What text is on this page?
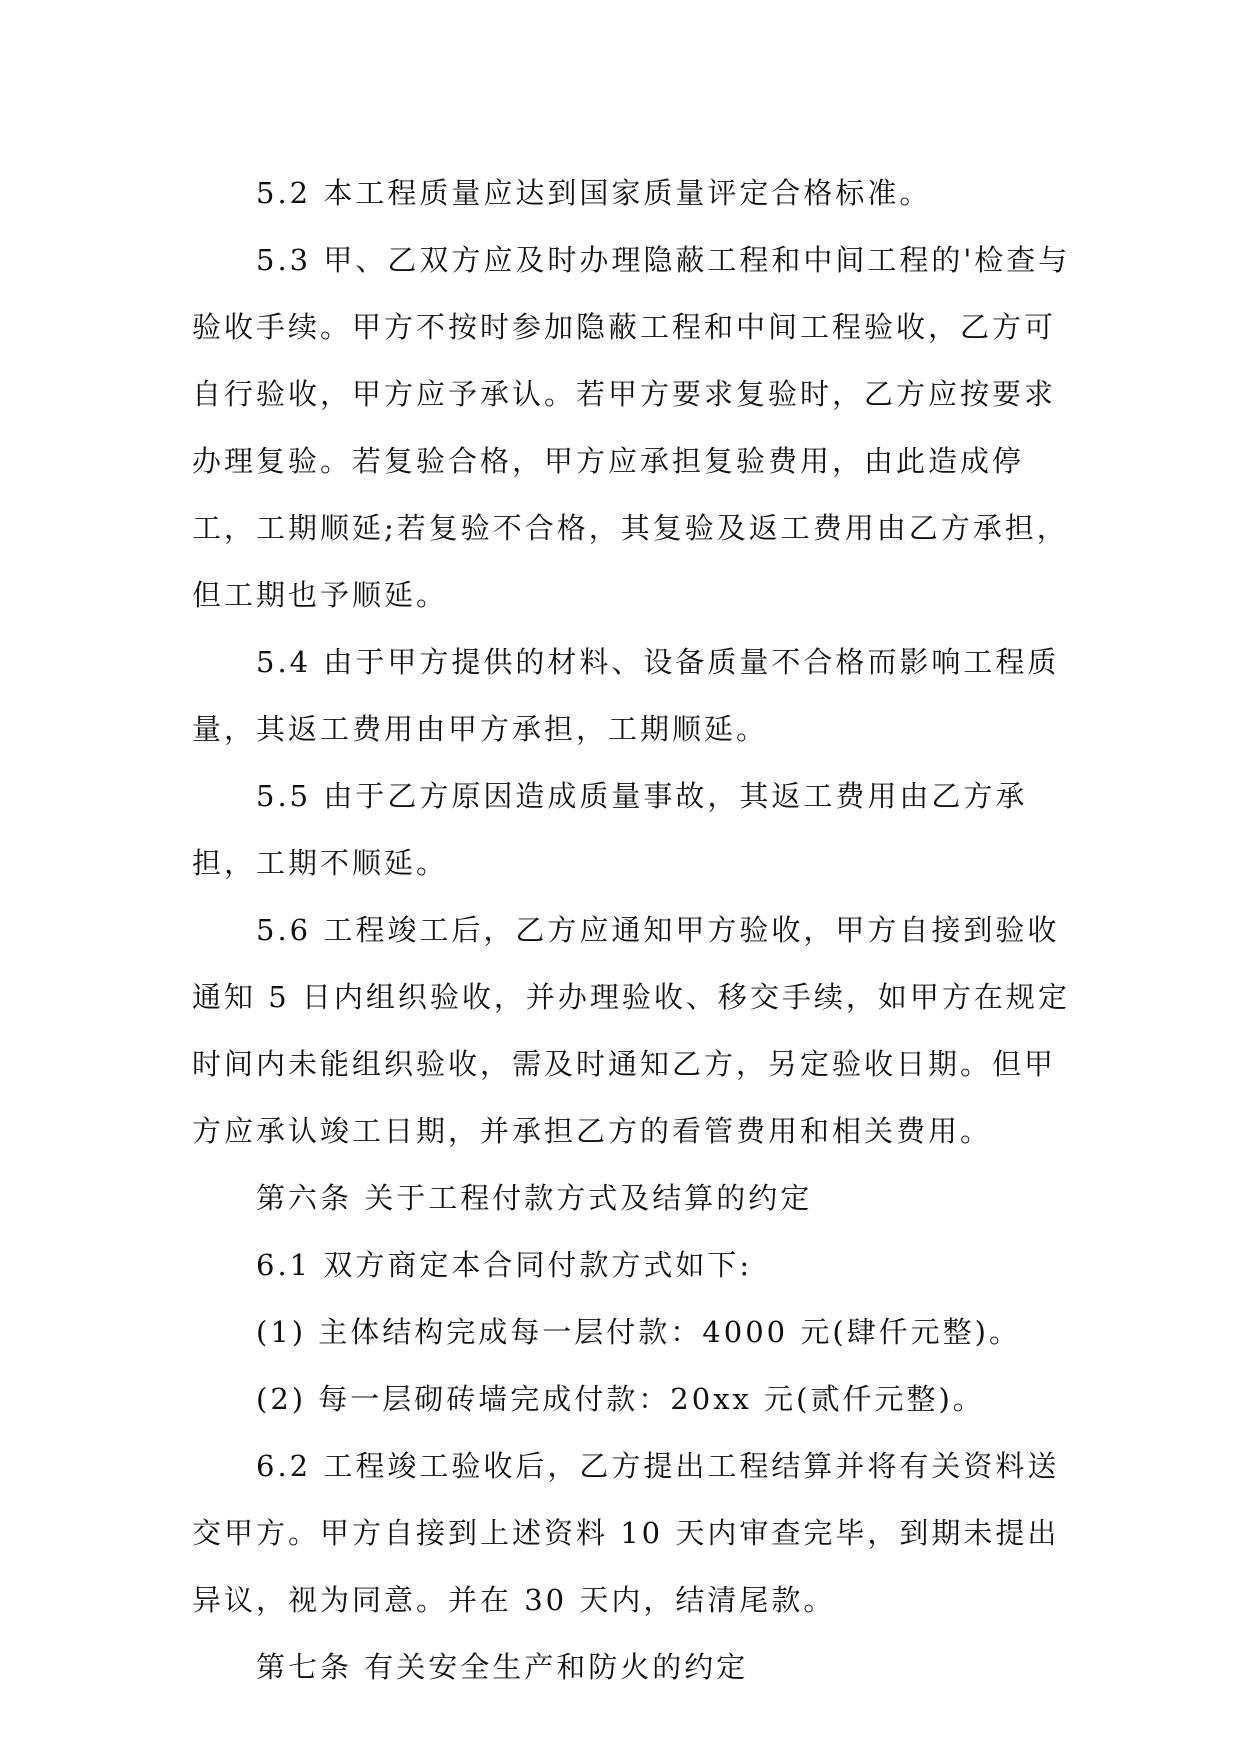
5.2 本工程质量应达到国家质量评定合格标准。

5.3 甲、乙双方应及时办理隐蔽工程和中间工程的'检查与验收手续。甲方不按时参加隐蔽工程和中间工程验收，乙方可自行验收，甲方应予承认。若甲方要求复验时，乙方应按要求办理复验。若复验合格，甲方应承担复验费用，由此造成停工，工期顺延;若复验不合格，其复验及返工费用由乙方承担，但工期也予顺延。

5.4 由于甲方提供的材料、设备质量不合格而影响工程质量，其返工费用由甲方承担，工期顺延。

5.5 由于乙方原因造成质量事故，其返工费用由乙方承担，工期不顺延。

5.6 工程竣工后，乙方应通知甲方验收，甲方自接到验收通知 5 日内组织验收，并办理验收、移交手续，如甲方在规定时间内未能组织验收，需及时通知乙方，另定验收日期。但甲方应承认竣工日期，并承担乙方的看管费用和相关费用。

第六条 关于工程付款方式及结算的约定

6.1 双方商定本合同付款方式如下:

(1) 主体结构完成每一层付款：4000 元(肆仟元整)。

(2) 每一层砌砖墙完成付款：20xx 元(贰仟元整)。

6.2 工程竣工验收后，乙方提出工程结算并将有关资料送交甲方。甲方自接到上述资料 10 天内审查完毕，到期未提出异议，视为同意。并在 30 天内，结清尾款。

第七条 有关安全生产和防火的约定
